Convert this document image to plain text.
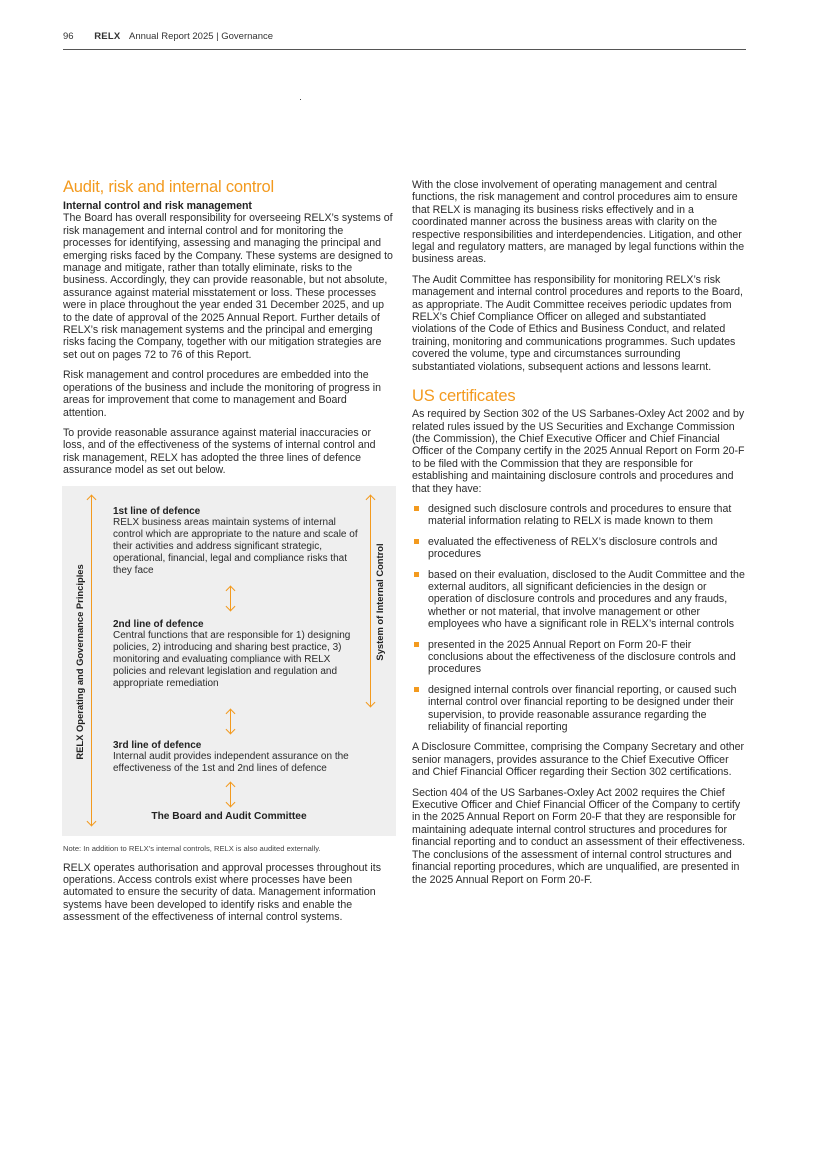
96 RELX Annual Report 2025 | Governance
Audit, risk and internal control
Internal control and risk management

The Board has overall responsibility for overseeing RELX’s systems of risk management and internal control and for monitoring the processes for identifying, assessing and managing the principal and emerging risks faced by the Company. These systems are designed to manage and mitigate, rather than totally eliminate, risks to the business. Accordingly, they can provide reasonable, but not absolute, assurance against material misstatement or loss. These processes were in place throughout the year ended 31 December 2025, and up to the date of approval of the 2025 Annual Report. Further details of RELX’s risk management systems and the principal and emerging risks facing the Company, together with our mitigation strategies are set out on pages 72 to 76 of this Report.

Risk management and control procedures are embedded into the operations of the business and include the monitoring of progress in areas for improvement that come to management and Board attention.

To provide reasonable assurance against material inaccuracies or loss, and of the effectiveness of the systems of internal control and risk management, RELX has adopted the three lines of defence assurance model as set out below.

RELX Operating and Governance Principles	System of Internal Control
1st line of defence
RELX business areas maintain systems of internal control which are appropriate to the nature and scale of their activities and address significant strategic, operational, financial, legal and compliance risks that they face
2nd line of defence
Central functions that are responsible for 1) designing policies, 2) introducing and sharing best practice, 3) monitoring and evaluating compliance with RELX policies and relevant legislation and regulation and appropriate remediation
3rd line of defence
Internal audit provides independent assurance on the effectiveness of the 1st and 2nd lines of defence
The Board and Audit Committee

Note: In addition to RELX’s internal controls, RELX is also audited externally.

RELX operates authorisation and approval processes throughout its operations. Access controls exist where processes have been automated to ensure the security of data. Management information systems have been developed to identify risks and enable the assessment of the effectiveness of internal control systems.

With the close involvement of operating management and central functions, the risk management and control procedures aim to ensure that RELX is managing its business risks effectively and in a coordinated manner across the business areas with clarity on the respective responsibilities and interdependencies. Litigation, and other legal and regulatory matters, are managed by legal functions within the business areas.

The Audit Committee has responsibility for monitoring RELX’s risk management and internal control procedures and reports to the Board, as appropriate. The Audit Committee receives periodic updates from RELX’s Chief Compliance Officer on alleged and substantiated violations of the Code of Ethics and Business Conduct, and related training, monitoring and communications programmes. Such updates covered the volume, type and circumstances surrounding substantiated violations, subsequent actions and lessons learnt.

US certificates

As required by Section 302 of the US Sarbanes-Oxley Act 2002 and by related rules issued by the US Securities and Exchange Commission (the Commission), the Chief Executive Officer and Chief Financial Officer of the Company certify in the 2025 Annual Report on Form 20-F to be filed with the Commission that they are responsible for establishing and maintaining disclosure controls and procedures and that they have:

designed such disclosure controls and procedures to ensure that material information relating to RELX is made known to them
evaluated the effectiveness of RELX’s disclosure controls and procedures
based on their evaluation, disclosed to the Audit Committee and the external auditors, all significant deficiencies in the design or operation of disclosure controls and procedures and any frauds, whether or not material, that involve management or other employees who have a significant role in RELX’s internal controls
presented in the 2025 Annual Report on Form 20-F their conclusions about the effectiveness of the disclosure controls and procedures
designed internal controls over financial reporting, or caused such internal control over financial reporting to be designed under their supervision, to provide reasonable assurance regarding the reliability of financial reporting

A Disclosure Committee, comprising the Company Secretary and other senior managers, provides assurance to the Chief Executive Officer and Chief Financial Officer regarding their Section 302 certifications.

Section 404 of the US Sarbanes-Oxley Act 2002 requires the Chief Executive Officer and Chief Financial Officer of the Company to certify in the 2025 Annual Report on Form 20-F that they are responsible for maintaining adequate internal control structures and procedures for financial reporting and to conduct an assessment of their effectiveness. The conclusions of the assessment of internal control structures and financial reporting procedures, which are unqualified, are presented in the 2025 Annual Report on Form 20-F.
